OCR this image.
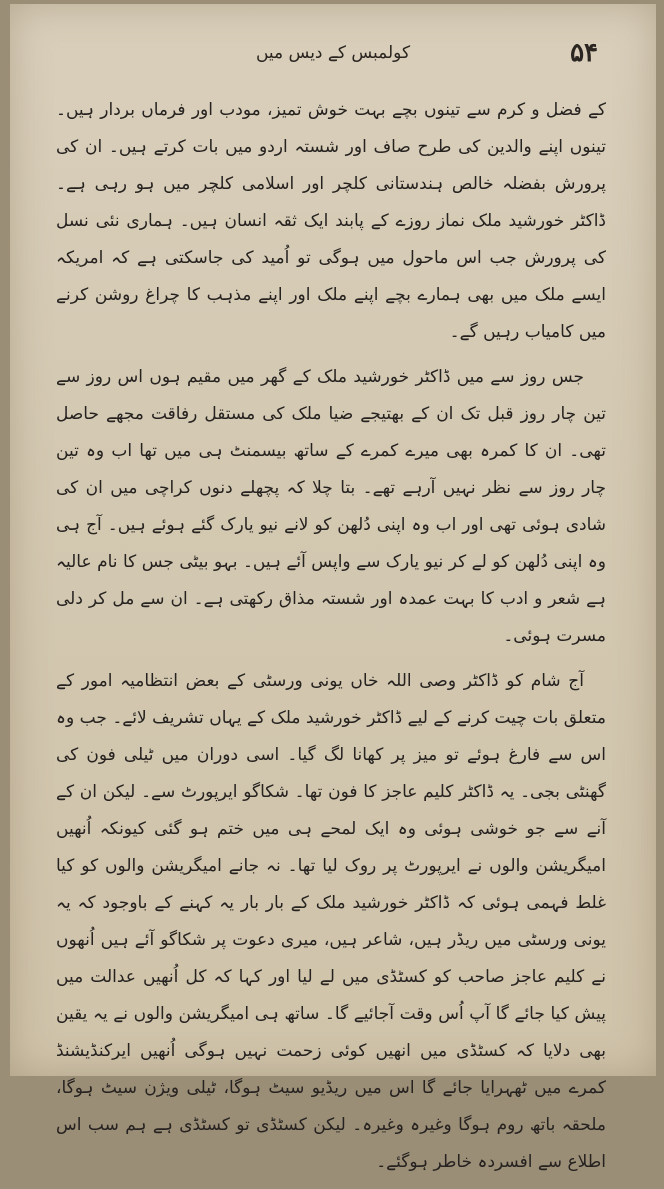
۵۴
کولمبس کے دیس میں

کے فضل و کرم سے تینوں بچے بہت خوش تمیز، مودب اور فرماں بردار ہیں۔ تینوں اپنے والدین کی طرح صاف اور شستہ اردو میں بات کرتے ہیں۔ ان کی پرورش بفضلہ خالص ہندستانی کلچر اور اسلامی کلچر میں ہو رہی ہے۔ ڈاکٹر خورشید ملک نماز روزے کے پابند ایک ثقہ انسان ہیں۔ ہماری نئی نسل کی پرورش جب اس ماحول میں ہوگی تو اُمید کی جاسکتی ہے کہ امریکہ ایسے ملک میں بھی ہمارے بچے اپنے ملک اور اپنے مذہب کا چراغ روشن کرنے میں کامیاب رہیں گے۔

جس روز سے میں ڈاکٹر خورشید ملک کے گھر میں مقیم ہوں اس روز سے تین چار روز قبل تک ان کے بھتیجے ضیا ملک کی مستقل رفاقت مجھے حاصل تھی۔ ان کا کمرہ بھی میرے کمرے کے ساتھ بیسمنٹ ہی میں تھا اب وہ تین چار روز سے نظر نہیں آرہے تھے۔ بتا چلا کہ پچھلے دنوں کراچی میں ان کی شادی ہوئی تھی اور اب وہ اپنی دُلھن کو لانے نیو یارک گئے ہوئے ہیں۔ آج ہی وہ اپنی دُلھن کو لے کر نیو یارک سے واپس آئے ہیں۔ بہو بیٹی جس کا نام عالیہ ہے شعر و ادب کا بہت عمدہ اور شستہ مذاق رکھتی ہے۔ ان سے مل کر دلی مسرت ہوئی۔

آج شام کو ڈاکٹر وصی اللہ خاں یونی ورسٹی کے بعض انتظامیہ امور کے متعلق بات چیت کرنے کے لیے ڈاکٹر خورشید ملک کے یہاں تشریف لائے۔ جب وہ اس سے فارغ ہوئے تو میز پر کھانا لگ گیا۔ اسی دوران میں ٹیلی فون کی گھنٹی بجی۔ یہ ڈاکٹر کلیم عاجز کا فون تھا۔ شکاگو ایرپورٹ سے۔ لیکن ان کے آنے سے جو خوشی ہوئی وہ ایک لمحے ہی میں ختم ہو گئی کیونکہ اُنھیں امیگریشن والوں نے ایرپورٹ پر روک لیا تھا۔ نہ جانے امیگریشن والوں کو کیا غلط فہمی ہوئی کہ ڈاکٹر خورشید ملک کے بار بار یہ کہنے کے باوجود کہ یہ یونی ورسٹی میں ریڈر ہیں، شاعر ہیں، میری دعوت پر شکاگو آئے ہیں اُنھوں نے کلیم عاجز صاحب کو کسٹڈی میں لے لیا اور کہا کہ کل اُنھیں عدالت میں پیش کیا جائے گا آپ اُس وقت آجائیے گا۔ ساتھ ہی امیگریشن والوں نے یہ یقین بھی دلایا کہ کسٹڈی میں انھیں کوئی زحمت نہیں ہوگی اُنھیں ایرکنڈیشنڈ کمرے میں ٹھہرایا جائے گا اس میں ریڈیو سیٹ ہوگا، ٹیلی ویژن سیٹ ہوگا، ملحقہ باتھ روم ہوگا وغیرہ وغیرہ۔ لیکن کسٹڈی تو کسٹڈی ہے ہم سب اس اطلاع سے افسردہ خاطر ہوگئے۔
